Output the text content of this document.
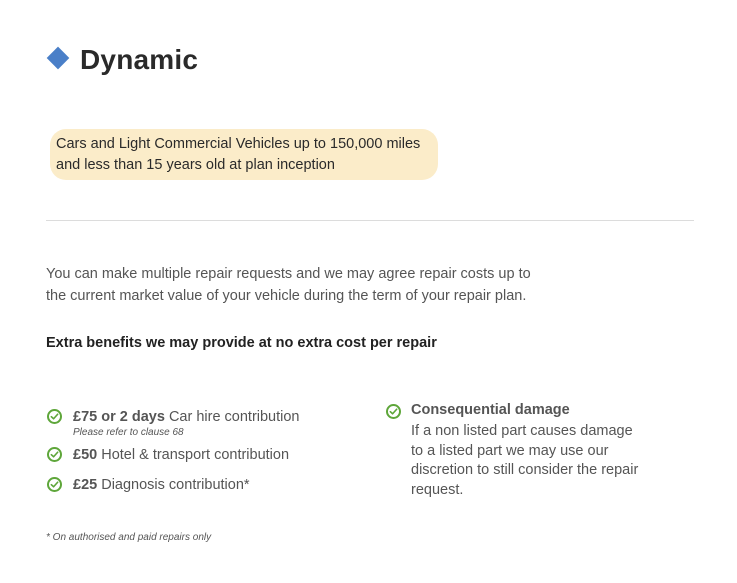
Dynamic
Cars and Light Commercial Vehicles up to 150,000 miles
and less than 15 years old at plan inception
You can make multiple repair requests and we may agree repair costs up to
the current market value of your vehicle during the term of your repair plan.
Extra benefits we may provide at no extra cost per repair
£75 or 2 days Car hire contribution
Please refer to clause 68
£50 Hotel & transport contribution
£25 Diagnosis contribution*
Consequential damage
If a non listed part causes damage
to a listed part we may use our
discretion to still consider the repair
request.
* On authorised and paid repairs only
